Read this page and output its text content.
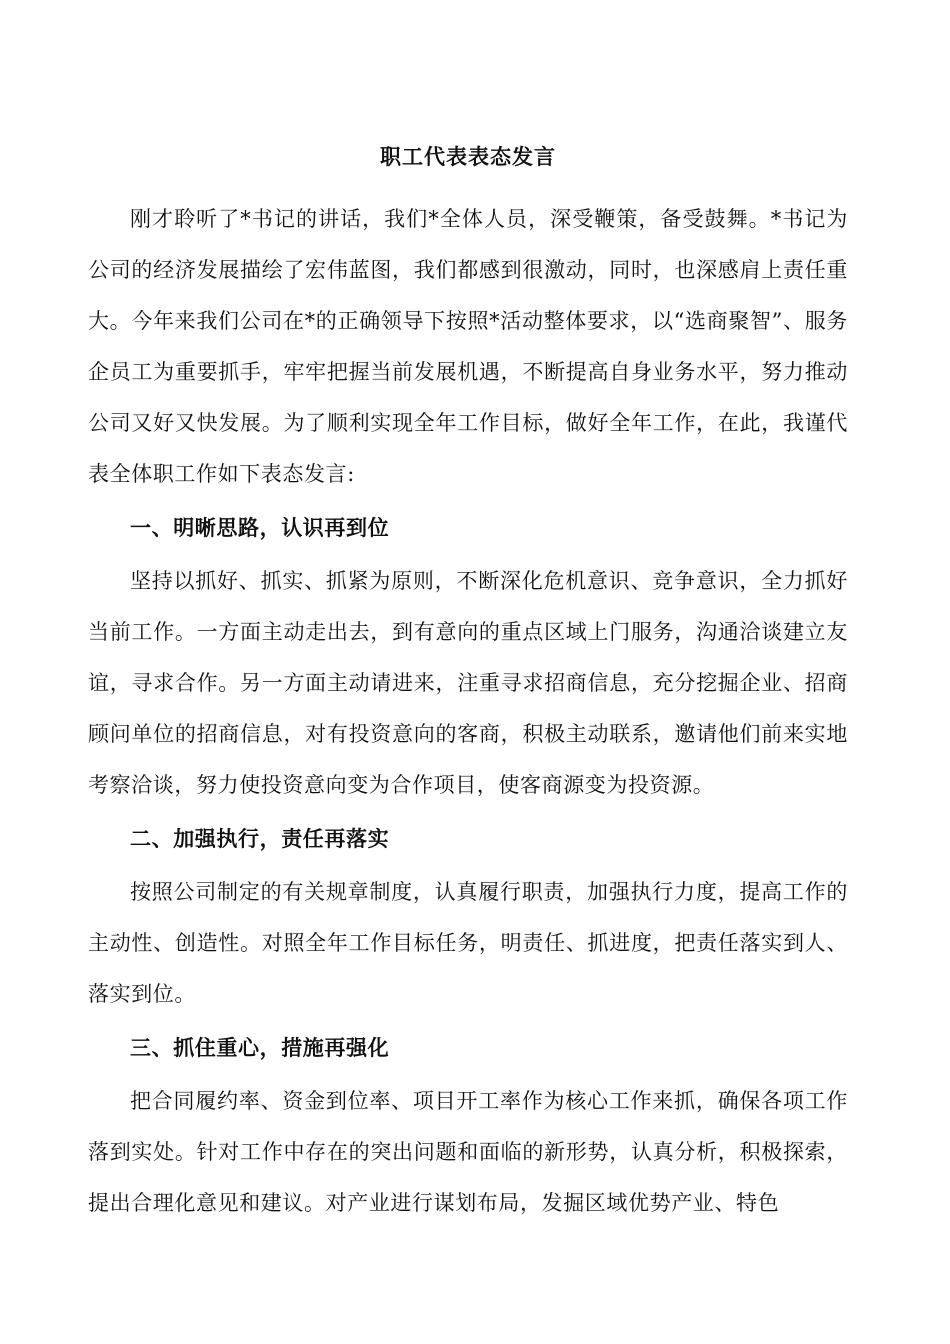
职工代表表态发言

刚才聆听了*书记的讲话，我们*全体人员，深受鞭策，备受鼓舞。*书记为公司的经济发展描绘了宏伟蓝图，我们都感到很激动，同时，也深感肩上责任重大。今年来我们公司在*的正确领导下按照*活动整体要求，以“选商聚智”、服务企员工为重要抓手，牢牢把握当前发展机遇，不断提高自身业务水平，努力推动公司又好又快发展。为了顺利实现全年工作目标，做好全年工作，在此，我谨代表全体职工作如下表态发言:

一、明晰思路，认识再到位

坚持以抓好、抓实、抓紧为原则，不断深化危机意识、竞争意识，全力抓好当前工作。一方面主动走出去，到有意向的重点区域上门服务，沟通洽谈建立友谊，寻求合作。另一方面主动请进来，注重寻求招商信息，充分挖掘企业、招商顾问单位的招商信息，对有投资意向的客商，积极主动联系，邀请他们前来实地考察洽谈，努力使投资意向变为合作项目，使客商源变为投资源。

二、加强执行，责任再落实

按照公司制定的有关规章制度，认真履行职责，加强执行力度，提高工作的主动性、创造性。对照全年工作目标任务，明责任、抓进度，把责任落实到人、落实到位。

三、抓住重心，措施再强化

把合同履约率、资金到位率、项目开工率作为核心工作来抓，确保各项工作落到实处。针对工作中存在的突出问题和面临的新形势，认真分析，积极探索，提出合理化意见和建议。对产业进行谋划布局，发掘区域优势产业、特色
